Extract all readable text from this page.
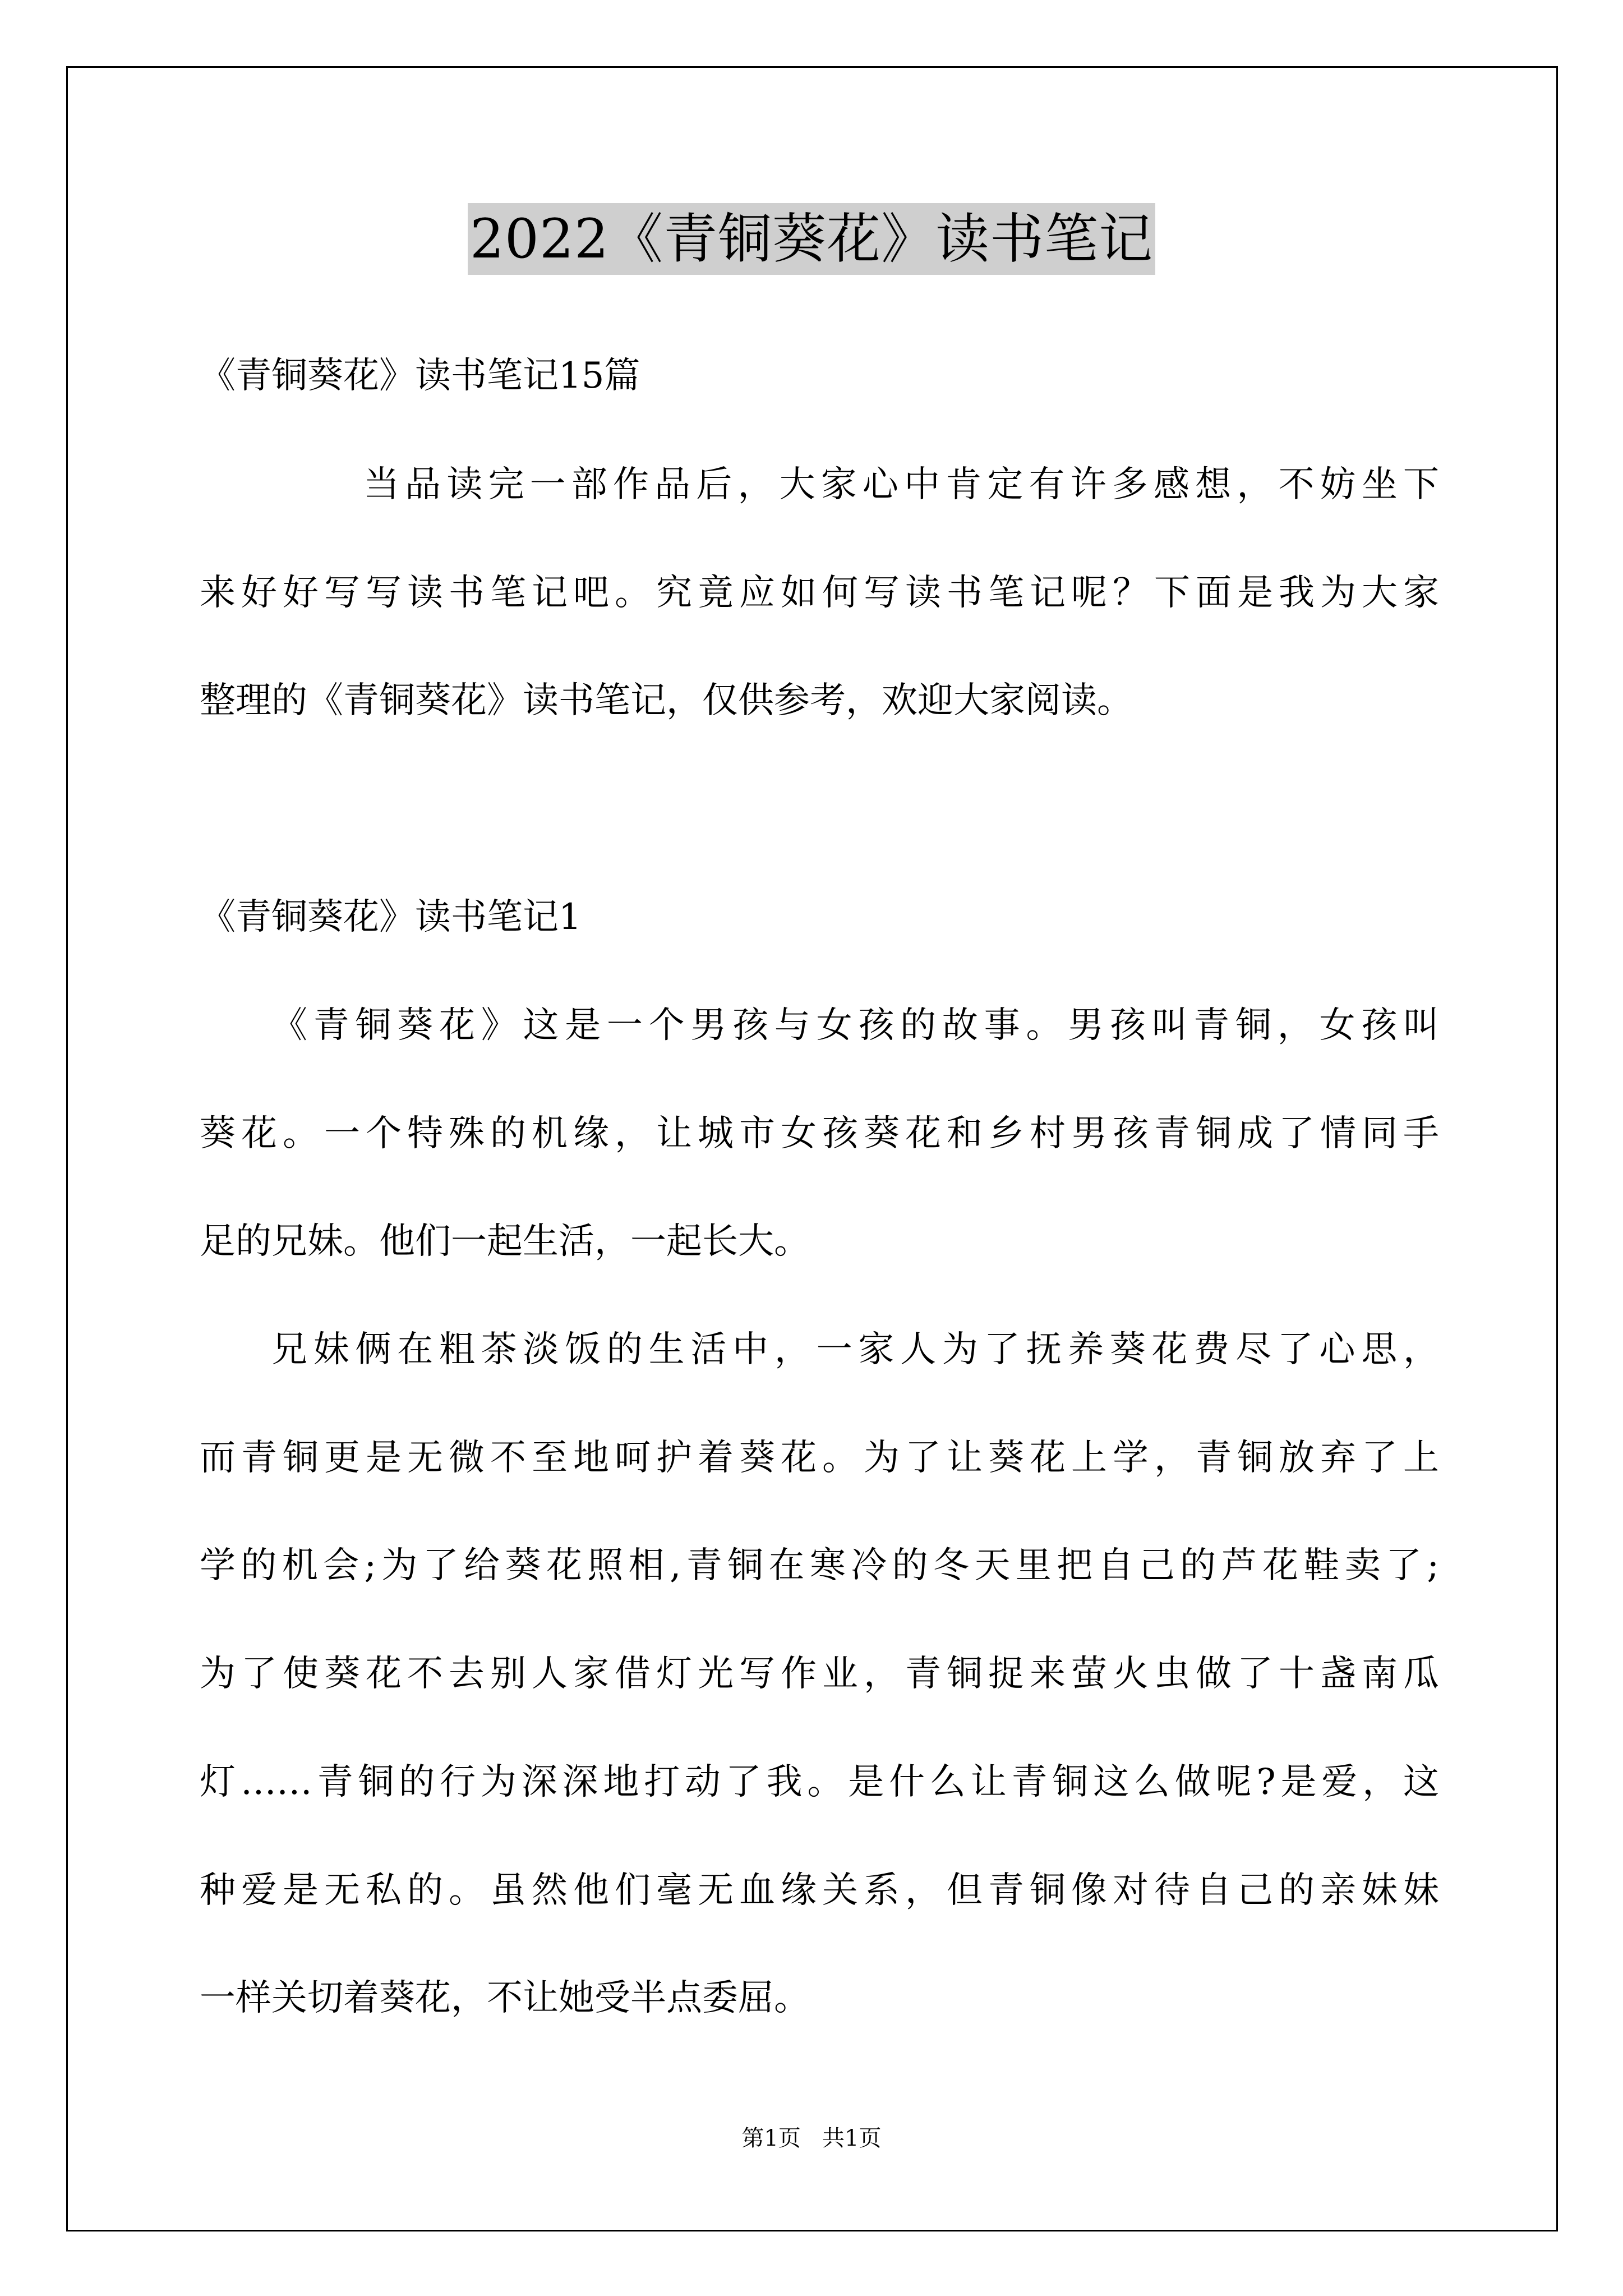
2022《青铜葵花》读书笔记
《青铜葵花》读书笔记15篇
当品读完一部作品后，大家心中肯定有许多感想，不妨坐下
来好好写写读书笔记吧。究竟应如何写读书笔记呢？下面是我为大家
整理的《青铜葵花》读书笔记，仅供参考，欢迎大家阅读。
《青铜葵花》读书笔记1
《青铜葵花》这是一个男孩与女孩的故事。男孩叫青铜，女孩叫
葵花。一个特殊的机缘，让城市女孩葵花和乡村男孩青铜成了情同手
足的兄妹。他们一起生活，一起长大。
兄妹俩在粗茶淡饭的生活中，一家人为了抚养葵花费尽了心思，
而青铜更是无微不至地呵护着葵花。为了让葵花上学，青铜放弃了上
学的机会;为了给葵花照相,青铜在寒冷的冬天里把自己的芦花鞋卖了;
为了使葵花不去别人家借灯光写作业，青铜捉来萤火虫做了十盏南瓜
灯……青铜的行为深深地打动了我。是什么让青铜这么做呢?是爱，这
种爱是无私的。虽然他们毫无血缘关系，但青铜像对待自己的亲妹妹
一样关切着葵花，不让她受半点委屈。
第1页   共1页
